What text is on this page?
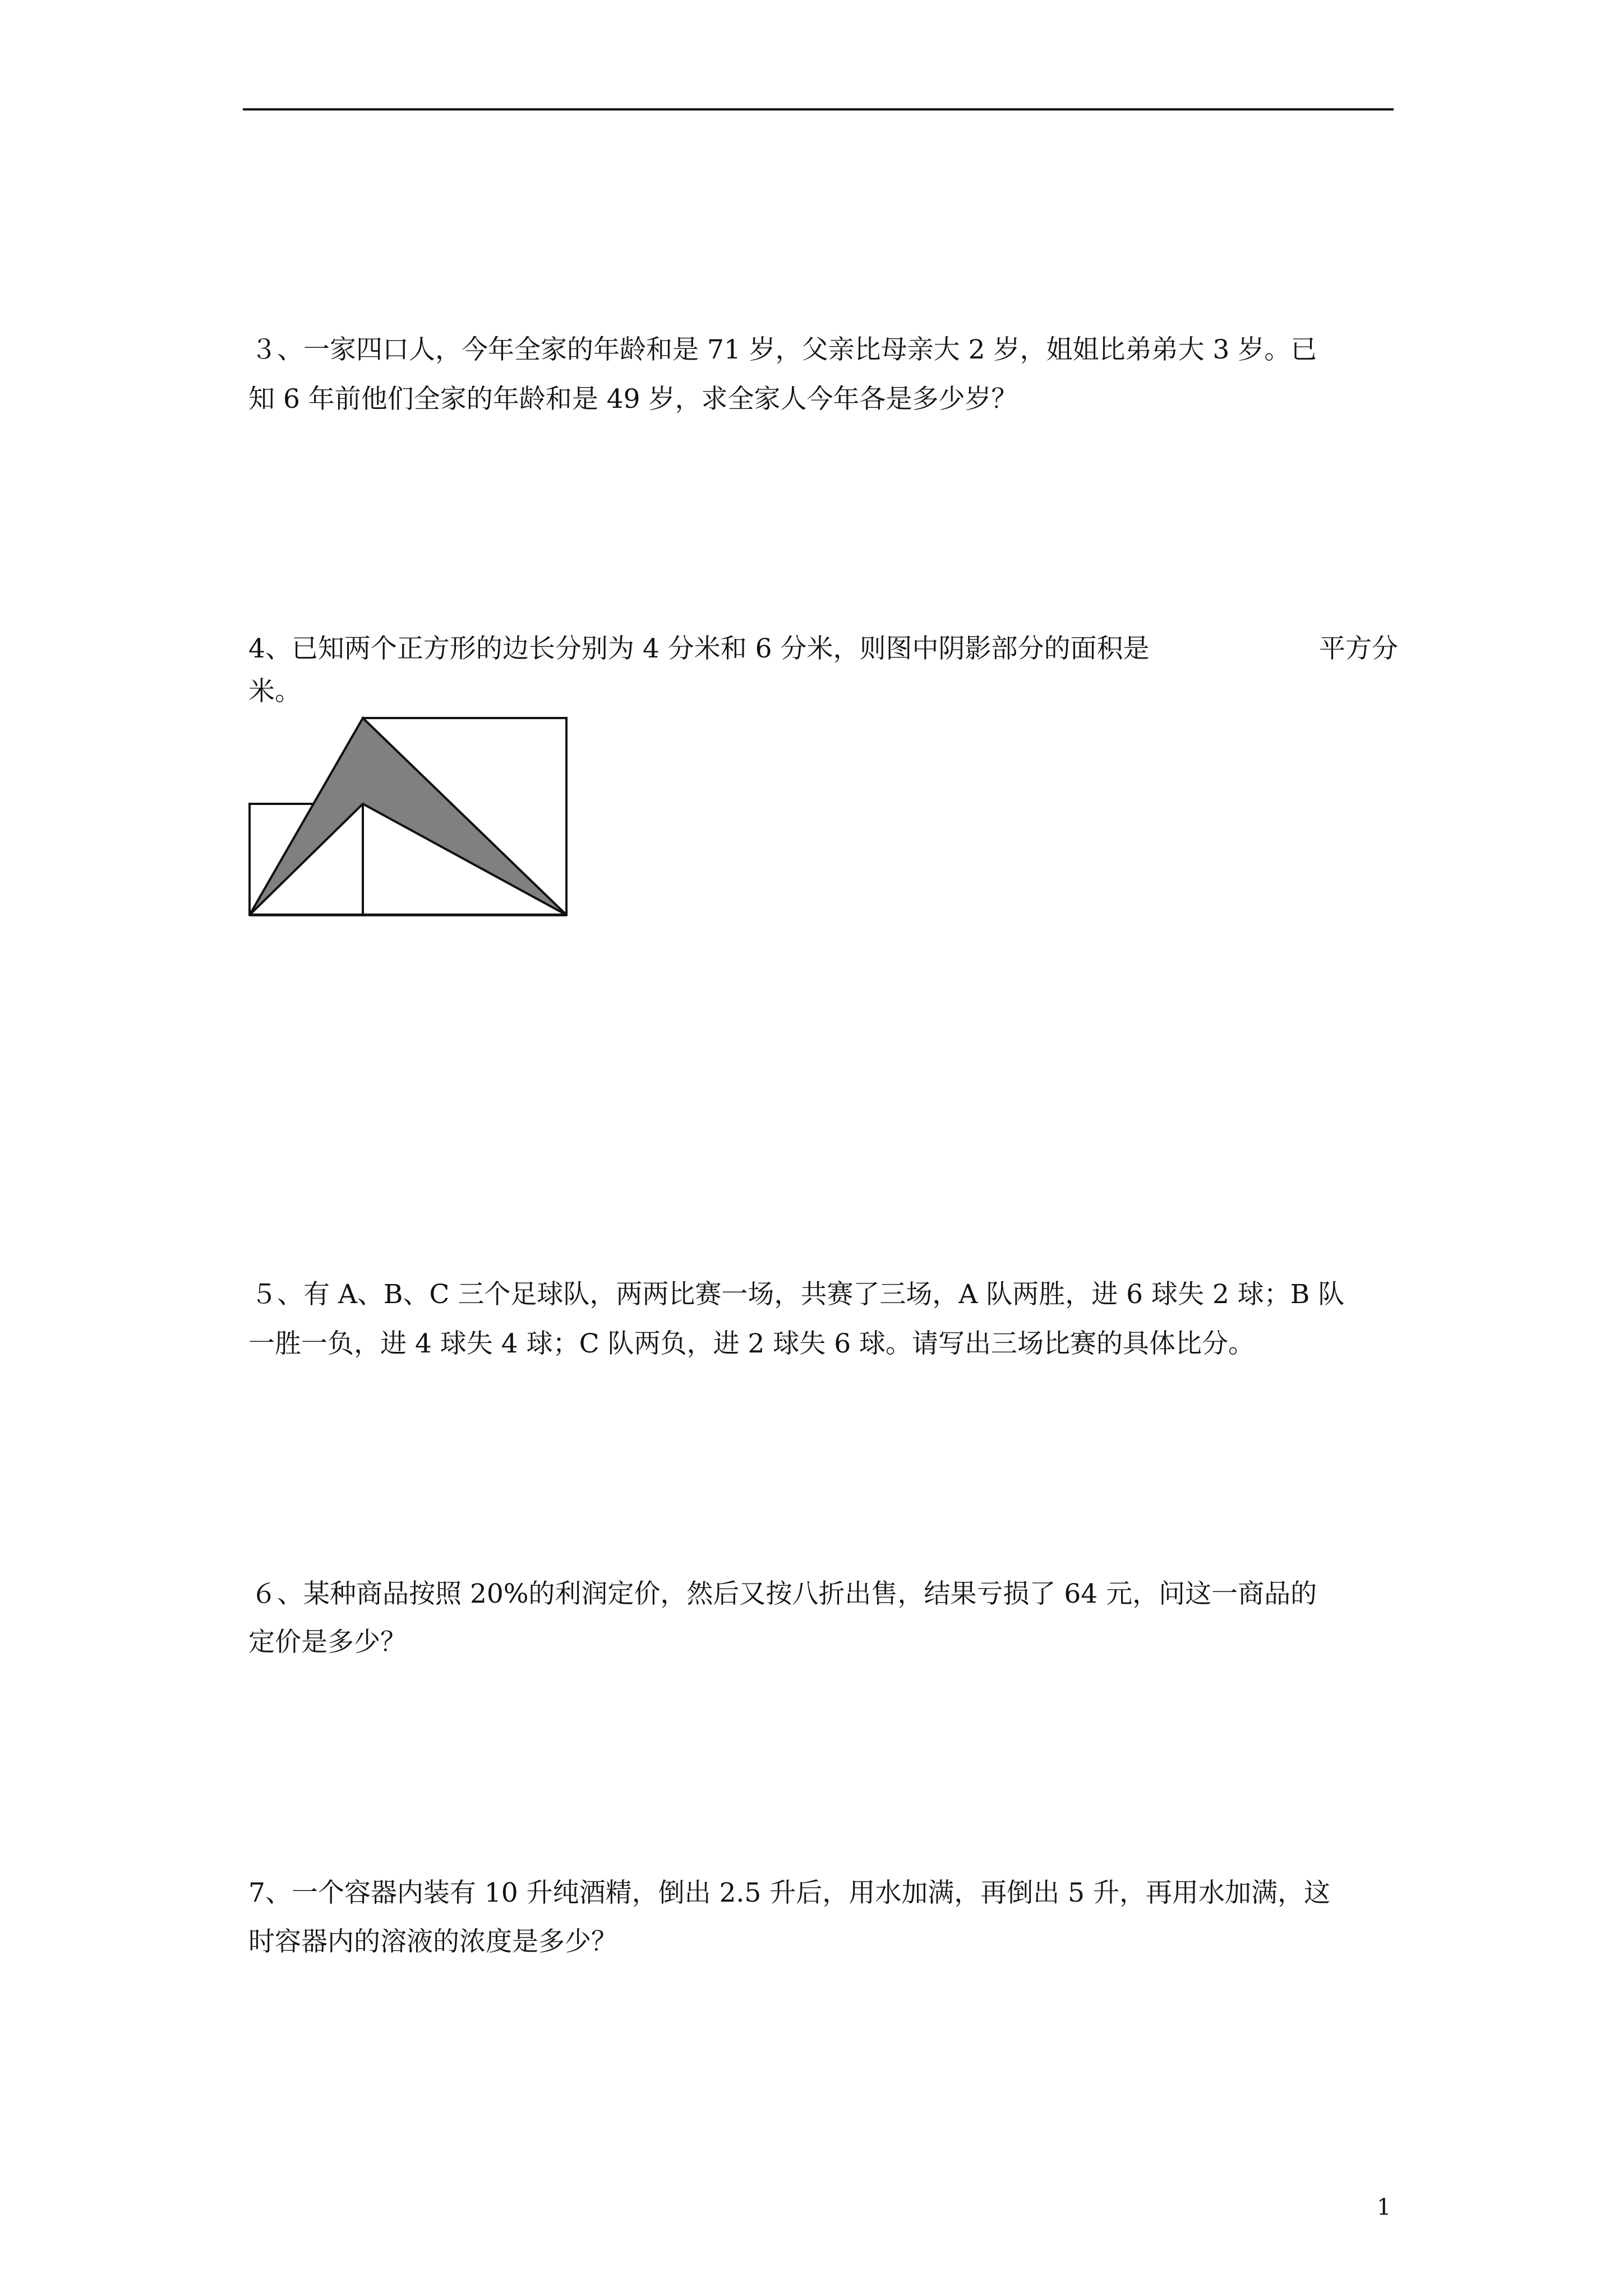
３、一家四口人，今年全家的年龄和是 71 岁，父亲比母亲大 2 岁，姐姐比弟弟大 3 岁。已
知 6 年前他们全家的年龄和是 49 岁，求全家人今年各是多少岁？
4、已知两个正方形的边长分别为 4 分米和 6 分米，则图中阴影部分的面积是	平方分
米。
５、有 A、B、C 三个足球队，两两比赛一场，共赛了三场，A 队两胜，进 6 球失 2 球；B 队
一胜一负，进 4 球失 4 球；C 队两负，进 2 球失 6 球。请写出三场比赛的具体比分。
６、某种商品按照 20%的利润定价，然后又按八折出售，结果亏损了 64 元，问这一商品的
定价是多少？
7、一个容器内装有 10 升纯酒精，倒出 2.5 升后，用水加满，再倒出 5 升，再用水加满，这
时容器内的溶液的浓度是多少？
1
